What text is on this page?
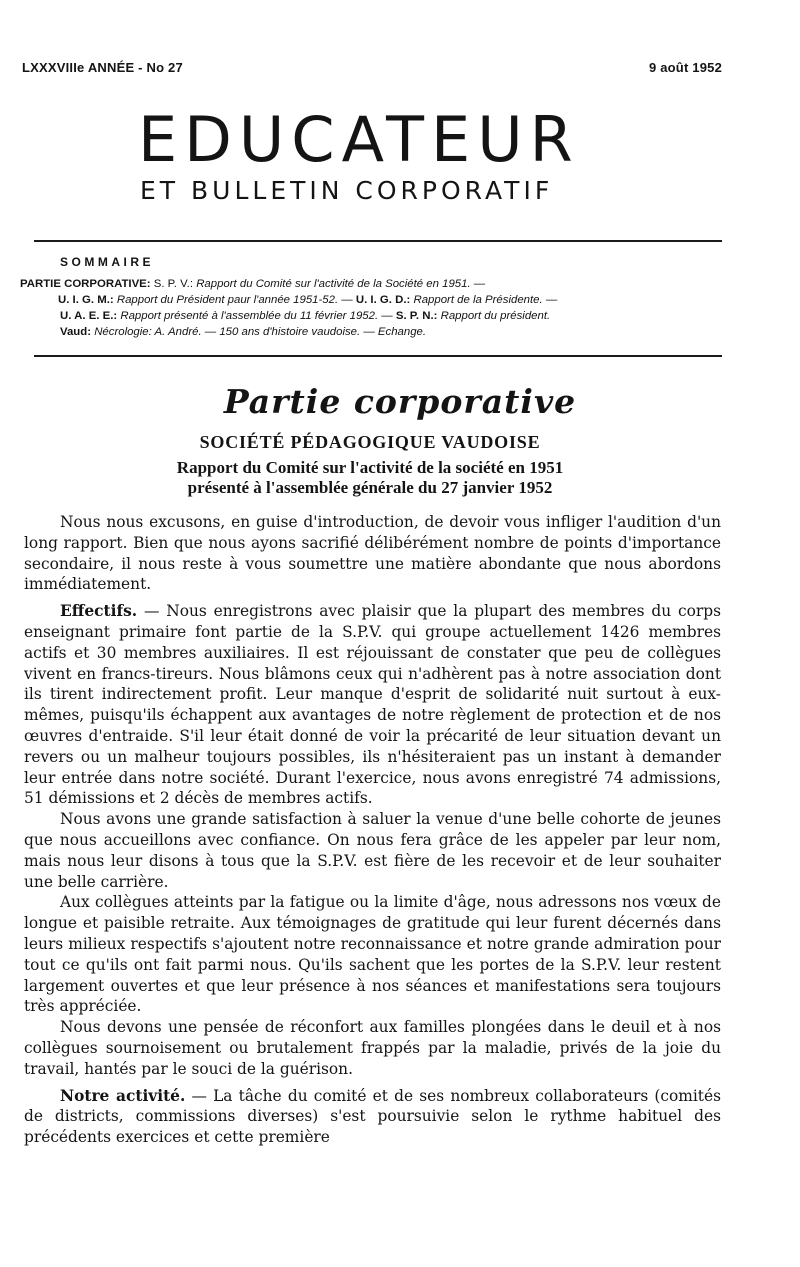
LXXXVIIIe ANNÉE - No 27	9 août 1952
EDUCATEUR
ET BULLETIN CORPORATIF
SOMMAIRE
PARTIE CORPORATIVE: S. P. V.: Rapport du Comité sur l'activité de la Société en 1951. —
U. I. G. M.: Rapport du Président paur l'année 1951-52. — U. I. G. D.: Rapport de la Présidente. —
U. A. E. E.: Rapport présenté à l'assemblée du 11 février 1952. — S. P. N.: Rapport du président.
Vaud: Nécrologie: A. André. — 150 ans d'histoire vaudoise. — Echange.
Partie corporative
SOCIÉTÉ PÉDAGOGIQUE VAUDOISE
Rapport du Comité sur l'activité de la société en 1951
présenté à l'assemblée générale du 27 janvier 1952

Nous nous excusons, en guise d'introduction, de devoir vous infliger l'audition d'un long rapport. Bien que nous ayons sacrifié délibérément nombre de points d'importance secondaire, il nous reste à vous soumettre une matière abondante que nous abordons immédiatement.

Effectifs. — Nous enregistrons avec plaisir que la plupart des membres du corps enseignant primaire font partie de la S.P.V. qui groupe actuellement 1426 membres actifs et 30 membres auxiliaires. Il est réjouissant de constater que peu de collègues vivent en francs-tireurs. Nous blâmons ceux qui n'adhèrent pas à notre association dont ils tirent indirectement profit. Leur manque d'esprit de solidarité nuit surtout à eux-mêmes, puisqu'ils échappent aux avantages de notre règlement de protection et de nos œuvres d'entraide. S'il leur était donné de voir la précarité de leur situation devant un revers ou un malheur toujours possibles, ils n'hésiteraient pas un instant à demander leur entrée dans notre société. Durant l'exercice, nous avons enregistré 74 admissions, 51 démissions et 2 décès de membres actifs.

Nous avons une grande satisfaction à saluer la venue d'une belle cohorte de jeunes que nous accueillons avec confiance. On nous fera grâce de les appeler par leur nom, mais nous leur disons à tous que la S.P.V. est fière de les recevoir et de leur souhaiter une belle carrière.

Aux collègues atteints par la fatigue ou la limite d'âge, nous adressons nos vœux de longue et paisible retraite. Aux témoignages de gratitude qui leur furent décernés dans leurs milieux respectifs s'ajoutent notre reconnaissance et notre grande admiration pour tout ce qu'ils ont fait parmi nous. Qu'ils sachent que les portes de la S.P.V. leur restent largement ouvertes et que leur présence à nos séances et manifestations sera toujours très appréciée.

Nous devons une pensée de réconfort aux familles plongées dans le deuil et à nos collègues sournoisement ou brutalement frappés par la maladie, privés de la joie du travail, hantés par le souci de la guérison.

Notre activité. — La tâche du comité et de ses nombreux collaborateurs (comités de districts, commissions diverses) s'est poursuivie selon le rythme habituel des précédents exercices et cette première
